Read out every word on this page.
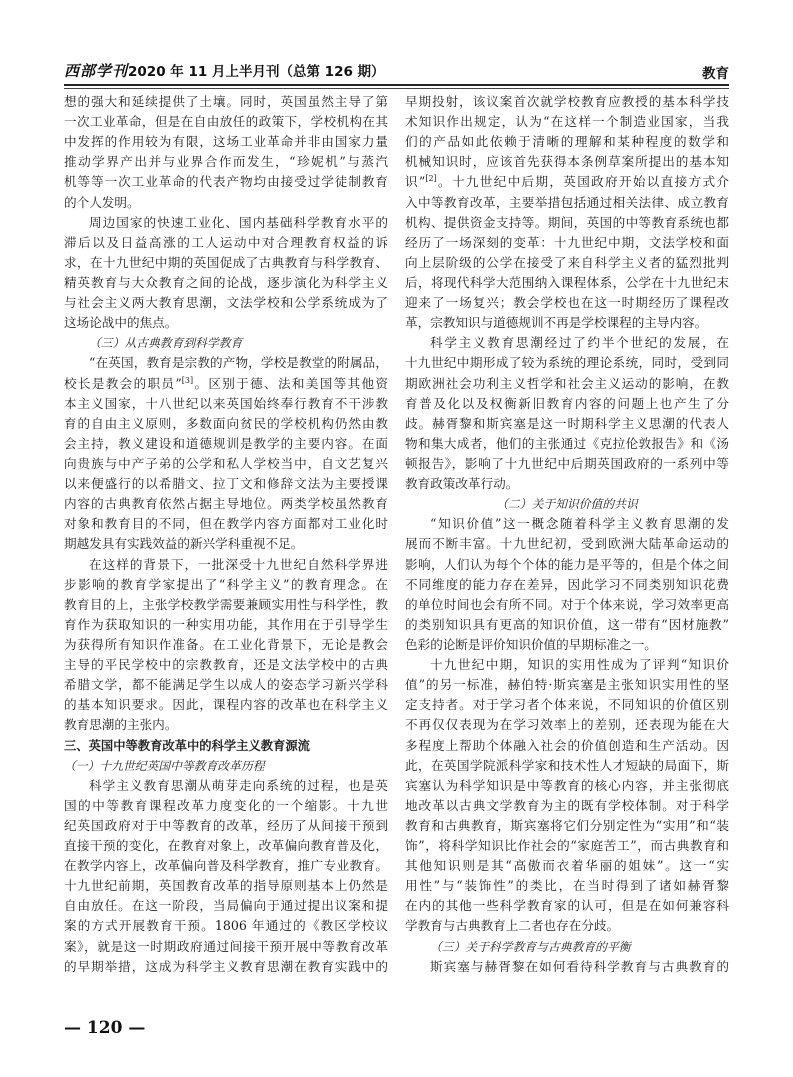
西部学刊2020 年 11 月上半月刊（总第 126 期）	教育
想的强大和延续提供了土壤。同时，英国虽然主导了第
一次工业革命，但是在自由放任的政策下，学校机构在其
中发挥的作用较为有限，这场工业革命并非由国家力量
推动学界产出并与业界合作而发生，“珍妮机”与蒸汽
机等等一次工业革命的代表产物均由接受过学徒制教育
的个人发明。
周边国家的快速工业化、国内基础科学教育水平的
滞后以及日益高涨的工人运动中对合理教育权益的诉
求，在十九世纪中期的英国促成了古典教育与科学教育、
精英教育与大众教育之间的论战，逐步演化为科学主义
与社会主义两大教育思潮，文法学校和公学系统成为了
这场论战中的焦点。
（三）从古典教育到科学教育
“在英国，教育是宗教的产物，学校是教堂的附属品，
校长是教会的职员”[3]。区别于德、法和美国等其他资
本主义国家，十八世纪以来英国始终奉行教育不干涉教
育的自由主义原则，多数面向贫民的学校机构仍然由教
会主持，教义建设和道德规训是教学的主要内容。在面
向贵族与中产子弟的公学和私人学校当中，自文艺复兴
以来便盛行的以希腊文、拉丁文和修辞文法为主要授课
内容的古典教育依然占据主导地位。两类学校虽然教育
对象和教育目的不同，但在教学内容方面都对工业化时
期越发具有实践效益的新兴学科重视不足。
在这样的背景下，一批深受十九世纪自然科学界进
步影响的教育学家提出了“科学主义”的教育理念。在
教育目的上，主张学校教学需要兼顾实用性与科学性，教
育作为获取知识的一种实用功能，其作用在于引导学生
为获得所有知识作准备。在工业化背景下，无论是教会
主导的平民学校中的宗教教育，还是文法学校中的古典
希腊文学，都不能满足学生以成人的姿态学习新兴学科
的基本知识要求。因此，课程内容的改革也在科学主义
教育思潮的主张内。
三、英国中等教育改革中的科学主义教育源流
（一）十九世纪英国中等教育改革历程
科学主义教育思潮从萌芽走向系统的过程，也是英
国的中等教育课程改革力度变化的一个缩影。十九世
纪英国政府对于中等教育的改革，经历了从间接干预到
直接干预的变化，在教育对象上，改革偏向教育普及化，
在教学内容上，改革偏向普及科学教育，推广专业教育。
十九世纪前期，英国教育改革的指导原则基本上仍然是
自由放任。在这一阶段，当局偏向于通过提出议案和提
案的方式开展教育干预。1806 年通过的《教区学校议
案》，就是这一时期政府通过间接干预开展中等教育改革
的早期举措，这成为科学主义教育思潮在教育实践中的
早期投射，该议案首次就学校教育应教授的基本科学技
术知识作出规定，认为“在这样一个制造业国家，当我
们的产品如此依赖于清晰的理解和某种程度的数学和
机械知识时，应该首先获得本条例草案所提出的基本知
识”[2]。十九世纪中后期，英国政府开始以直接方式介
入中等教育改革，主要举措包括通过相关法律、成立教育
机构、提供资金支持等。期间，英国的中等教育系统也都
经历了一场深刻的变革：十九世纪中期，文法学校和面
向上层阶级的公学在接受了来自科学主义者的猛烈批判
后，将现代科学大范围纳入课程体系，公学在十九世纪末
迎来了一场复兴；教会学校也在这一时期经历了课程改
革，宗教知识与道德规训不再是学校课程的主导内容。
科学主义教育思潮经过了约半个世纪的发展，在
十九世纪中期形成了较为系统的理论系统，同时，受到同
期欧洲社会功利主义哲学和社会主义运动的影响，在教
育普及化以及权衡新旧教育内容的问题上也产生了分
歧。赫胥黎和斯宾塞是这一时期科学主义思潮的代表人
物和集大成者，他们的主张通过《克拉伦敦报告》和《汤
顿报告》，影响了十九世纪中后期英国政府的一系列中等
教育政策改革行动。
（二）关于知识价值的共识
“知识价值”这一概念随着科学主义教育思潮的发
展而不断丰富。十九世纪初，受到欧洲大陆革命运动的
影响，人们认为每个个体的能力是平等的，但是个体之间
不同维度的能力存在差异，因此学习不同类别知识花费
的单位时间也会有所不同。对于个体来说，学习效率更高
的类别知识具有更高的知识价值，这一带有“因材施教”
色彩的论断是评价知识价值的早期标准之一。
十九世纪中期，知识的实用性成为了评判“知识价
值”的另一标准，赫伯特·斯宾塞是主张知识实用性的坚
定支持者。对于学习者个体来说，不同知识的价值区别
不再仅仅表现为在学习效率上的差别，还表现为能在大
多程度上帮助个体融入社会的价值创造和生产活动。因
此，在英国学院派科学家和技术性人才短缺的局面下，斯
宾塞认为科学知识是中等教育的核心内容，并主张彻底
地改革以古典文学教育为主的既有学校体制。对于科学
教育和古典教育，斯宾塞将它们分别定性为“实用”和“装
饰”，将科学知识比作社会的“家庭苦工”，而古典教育和
其他知识则是其“高傲而衣着华丽的姐妹”。这一“实
用性”与“装饰性”的类比，在当时得到了诸如赫胥黎
在内的其他一些科学教育家的认可，但是在如何兼容科
学教育与古典教育上二者也存在分歧。
（三）关于科学教育与古典教育的平衡
斯宾塞与赫胥黎在如何看待科学教育与古典教育的
— 120 —
